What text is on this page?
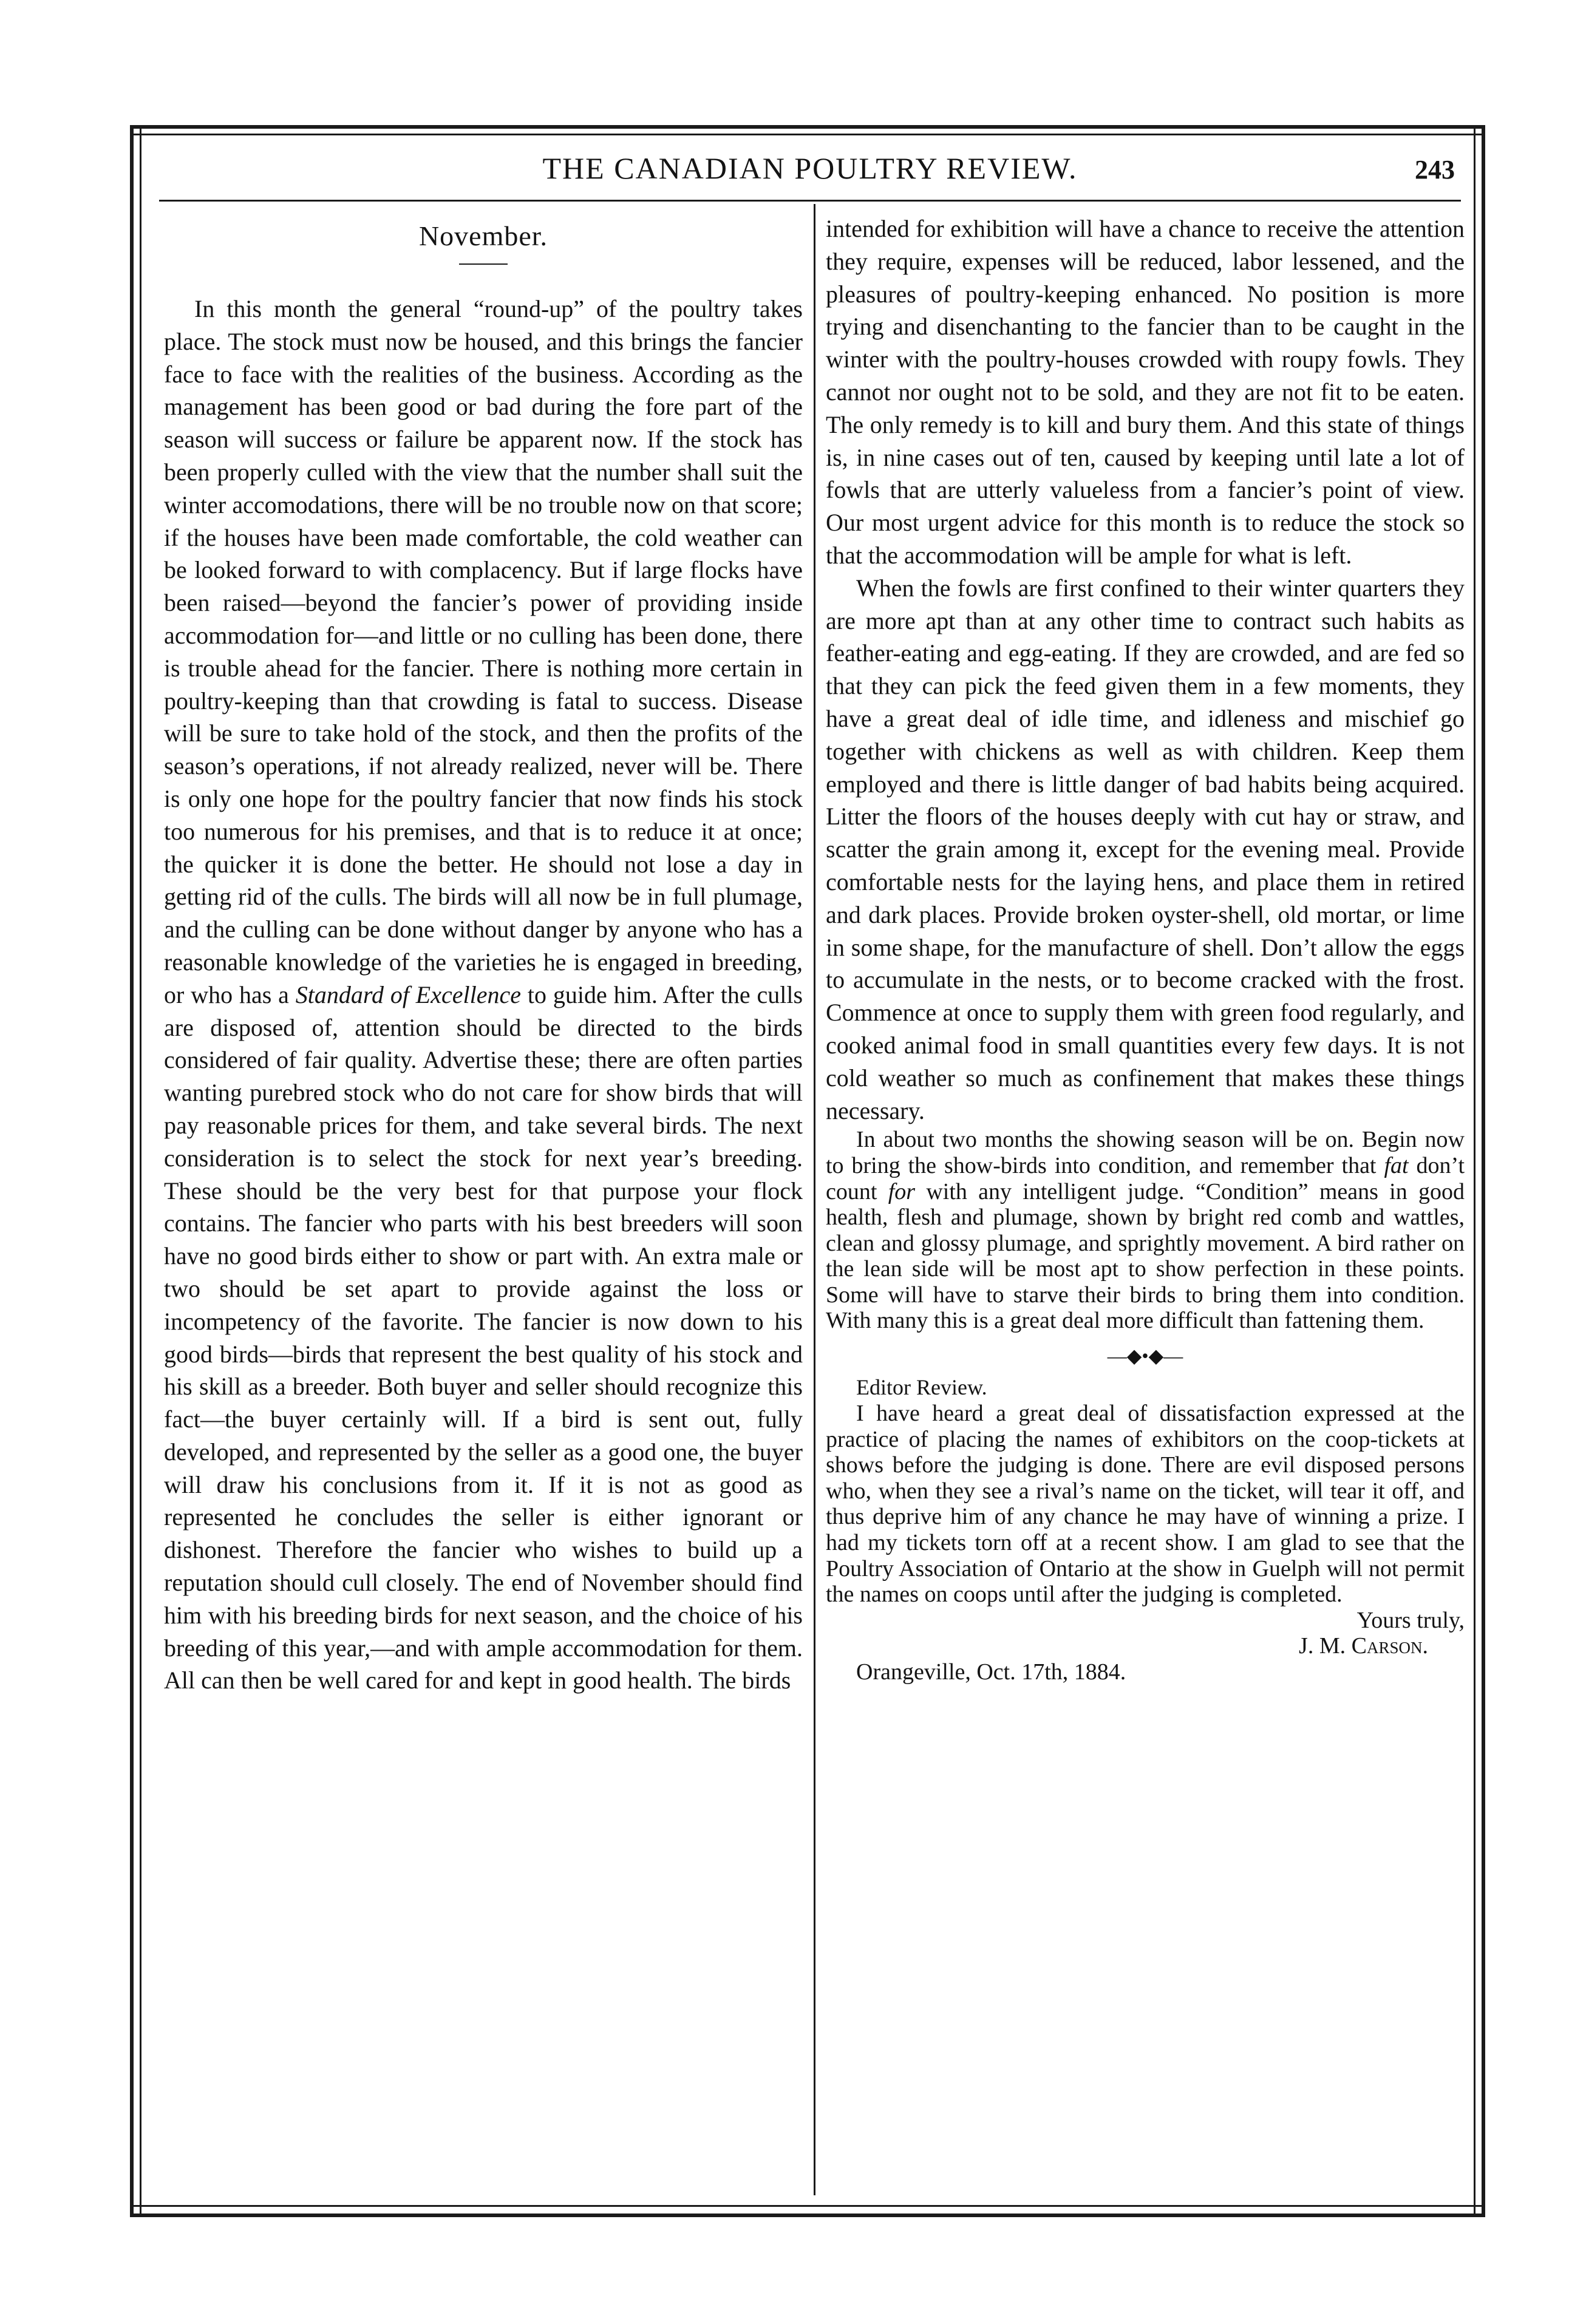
THE CANADIAN POULTRY REVIEW.	243
November.

In this month the general “round-up” of the poultry takes place. The stock must now be housed, and this brings the fancier face to face with the realities of the business. According as the management has been good or bad during the fore part of the season will success or failure be apparent now. If the stock has been properly culled with the view that the number shall suit the winter accomodations, there will be no trouble now on that score; if the houses have been made comfortable, the cold weather can be looked forward to with complacency. But if large flocks have been raised—beyond the fancier’s power of providing inside accommodation for—and little or no culling has been done, there is trouble ahead for the fancier. There is nothing more certain in poultry-keeping than that crowding is fatal to success. Disease will be sure to take hold of the stock, and then the profits of the season’s operations, if not already realized, never will be. There is only one hope for the poultry fancier that now finds his stock too numerous for his premises, and that is to reduce it at once; the quicker it is done the better. He should not lose a day in getting rid of the culls. The birds will all now be in full plumage, and the culling can be done without danger by anyone who has a reasonable knowledge of the varieties he is engaged in breeding, or who has a Standard of Excellence to guide him. After the culls are disposed of, attention should be directed to the birds considered of fair quality. Advertise these; there are often parties wanting purebred stock who do not care for show birds that will pay reasonable prices for them, and take several birds. The next consideration is to select the stock for next year’s breeding. These should be the very best for that purpose your flock contains. The fancier who parts with his best breeders will soon have no good birds either to show or part with. An extra male or two should be set apart to provide against the loss or incompetency of the favorite. The fancier is now down to his good birds—birds that represent the best quality of his stock and his skill as a breeder. Both buyer and seller should recognize this fact—the buyer certainly will. If a bird is sent out, fully developed, and represented by the seller as a good one, the buyer will draw his conclusions from it. If it is not as good as represented he concludes the seller is either ignorant or dishonest. Therefore the fancier who wishes to build up a reputation should cull closely. The end of November should find him with his breeding birds for next season, and the choice of his breeding of this year,—and with ample accommodation for them. All can then be well cared for and kept in good health. The birds

intended for exhibition will have a chance to receive the attention they require, expenses will be reduced, labor lessened, and the pleasures of poultry-keeping enhanced. No position is more trying and disenchanting to the fancier than to be caught in the winter with the poultry-houses crowded with roupy fowls. They cannot nor ought not to be sold, and they are not fit to be eaten. The only remedy is to kill and bury them. And this state of things is, in nine cases out of ten, caused by keeping until late a lot of fowls that are utterly valueless from a fancier’s point of view. Our most urgent advice for this month is to reduce the stock so that the accommodation will be ample for what is left.

When the fowls are first confined to their winter quarters they are more apt than at any other time to contract such habits as feather-eating and egg-eating. If they are crowded, and are fed so that they can pick the feed given them in a few moments, they have a great deal of idle time, and idleness and mischief go together with chickens as well as with children. Keep them employed and there is little danger of bad habits being acquired. Litter the floors of the houses deeply with cut hay or straw, and scatter the grain among it, except for the evening meal. Provide comfortable nests for the laying hens, and place them in retired and dark places. Provide broken oyster-shell, old mortar, or lime in some shape, for the manufacture of shell. Don’t allow the eggs to accumulate in the nests, or to become cracked with the frost. Commence at once to supply them with green food regularly, and cooked animal food in small quantities every few days. It is not cold weather so much as confinement that makes these things necessary.

In about two months the showing season will be on. Begin now to bring the show-birds into condition, and remember that fat don’t count for with any intelligent judge. “Condition” means in good health, flesh and plumage, shown by bright red comb and wattles, clean and glossy plumage, and sprightly movement. A bird rather on the lean side will be most apt to show perfection in these points. Some will have to starve their birds to bring them into condition. With many this is a great deal more difficult than fattening them.

—◆•◆—

Editor Review.

I have heard a great deal of dissatisfaction expressed at the practice of placing the names of exhibitors on the coop-tickets at shows before the judging is done. There are evil disposed persons who, when they see a rival’s name on the ticket, will tear it off, and thus deprive him of any chance he may have of winning a prize. I had my tickets torn off at a recent show. I am glad to see that the Poultry Association of Ontario at the show in Guelph will not permit the names on coops until after the judging is completed.

Yours truly,

J. M. Carson.

Orangeville, Oct. 17th, 1884.
